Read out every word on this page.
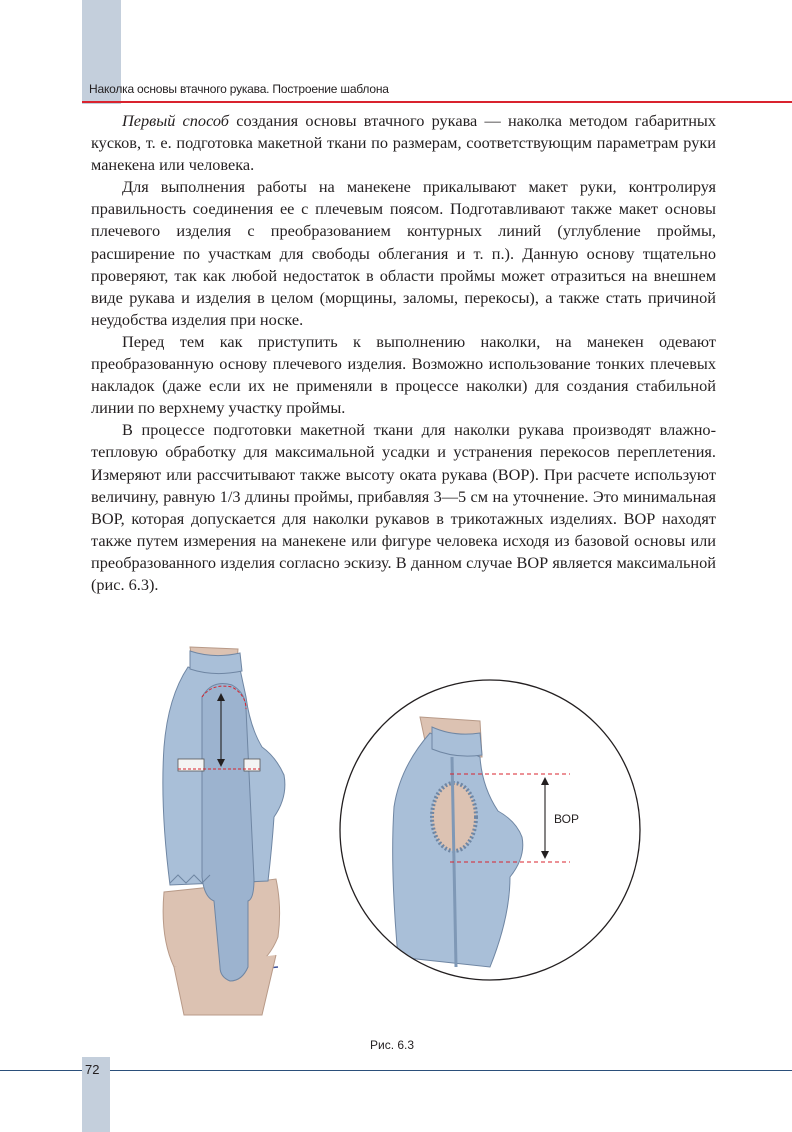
Наколка основы втачного рукава. Построение шаблона

Первый способ создания основы втачного рукава — наколка методом габаритных кусков, т. е. подготовка макетной ткани по размерам, соответствующим параметрам руки манекена или человека.

Для выполнения работы на манекене прикалывают макет руки, контролируя правильность соединения ее с плечевым поясом. Подготавливают также макет основы плечевого изделия с преобразованием контурных линий (углубление проймы, расширение по участкам для свободы облегания и т. п.). Данную основу тщательно проверяют, так как любой недостаток в области проймы может отразиться на внешнем виде рукава и изделия в целом (морщины, заломы, перекосы), а также стать причиной неудобства изделия при носке.

Перед тем как приступить к выполнению наколки, на манекен одевают преобразованную основу плечевого изделия. Возможно использование тонких плечевых накладок (даже если их не применяли в процессе наколки) для создания стабильной линии по верхнему участку проймы.

В процессе подготовки макетной ткани для наколки рукава производят влажно-тепловую обработку для максимальной усадки и устранения перекосов переплетения. Измеряют или рассчитывают также высоту оката рукава (ВОР). При расчете используют величину, равную 1/3 длины проймы, прибавляя 3—5 см на уточнение. Это минимальная ВОР, которая допускается для наколки рукавов в трикотажных изделиях. ВОР находят также путем измерения на манекене или фигуре человека исходя из базовой основы или преобразованного изделия согласно эскизу. В данном случае ВОР является максимальной (рис. 6.3).

ВОР
Рис. 6.3
72
